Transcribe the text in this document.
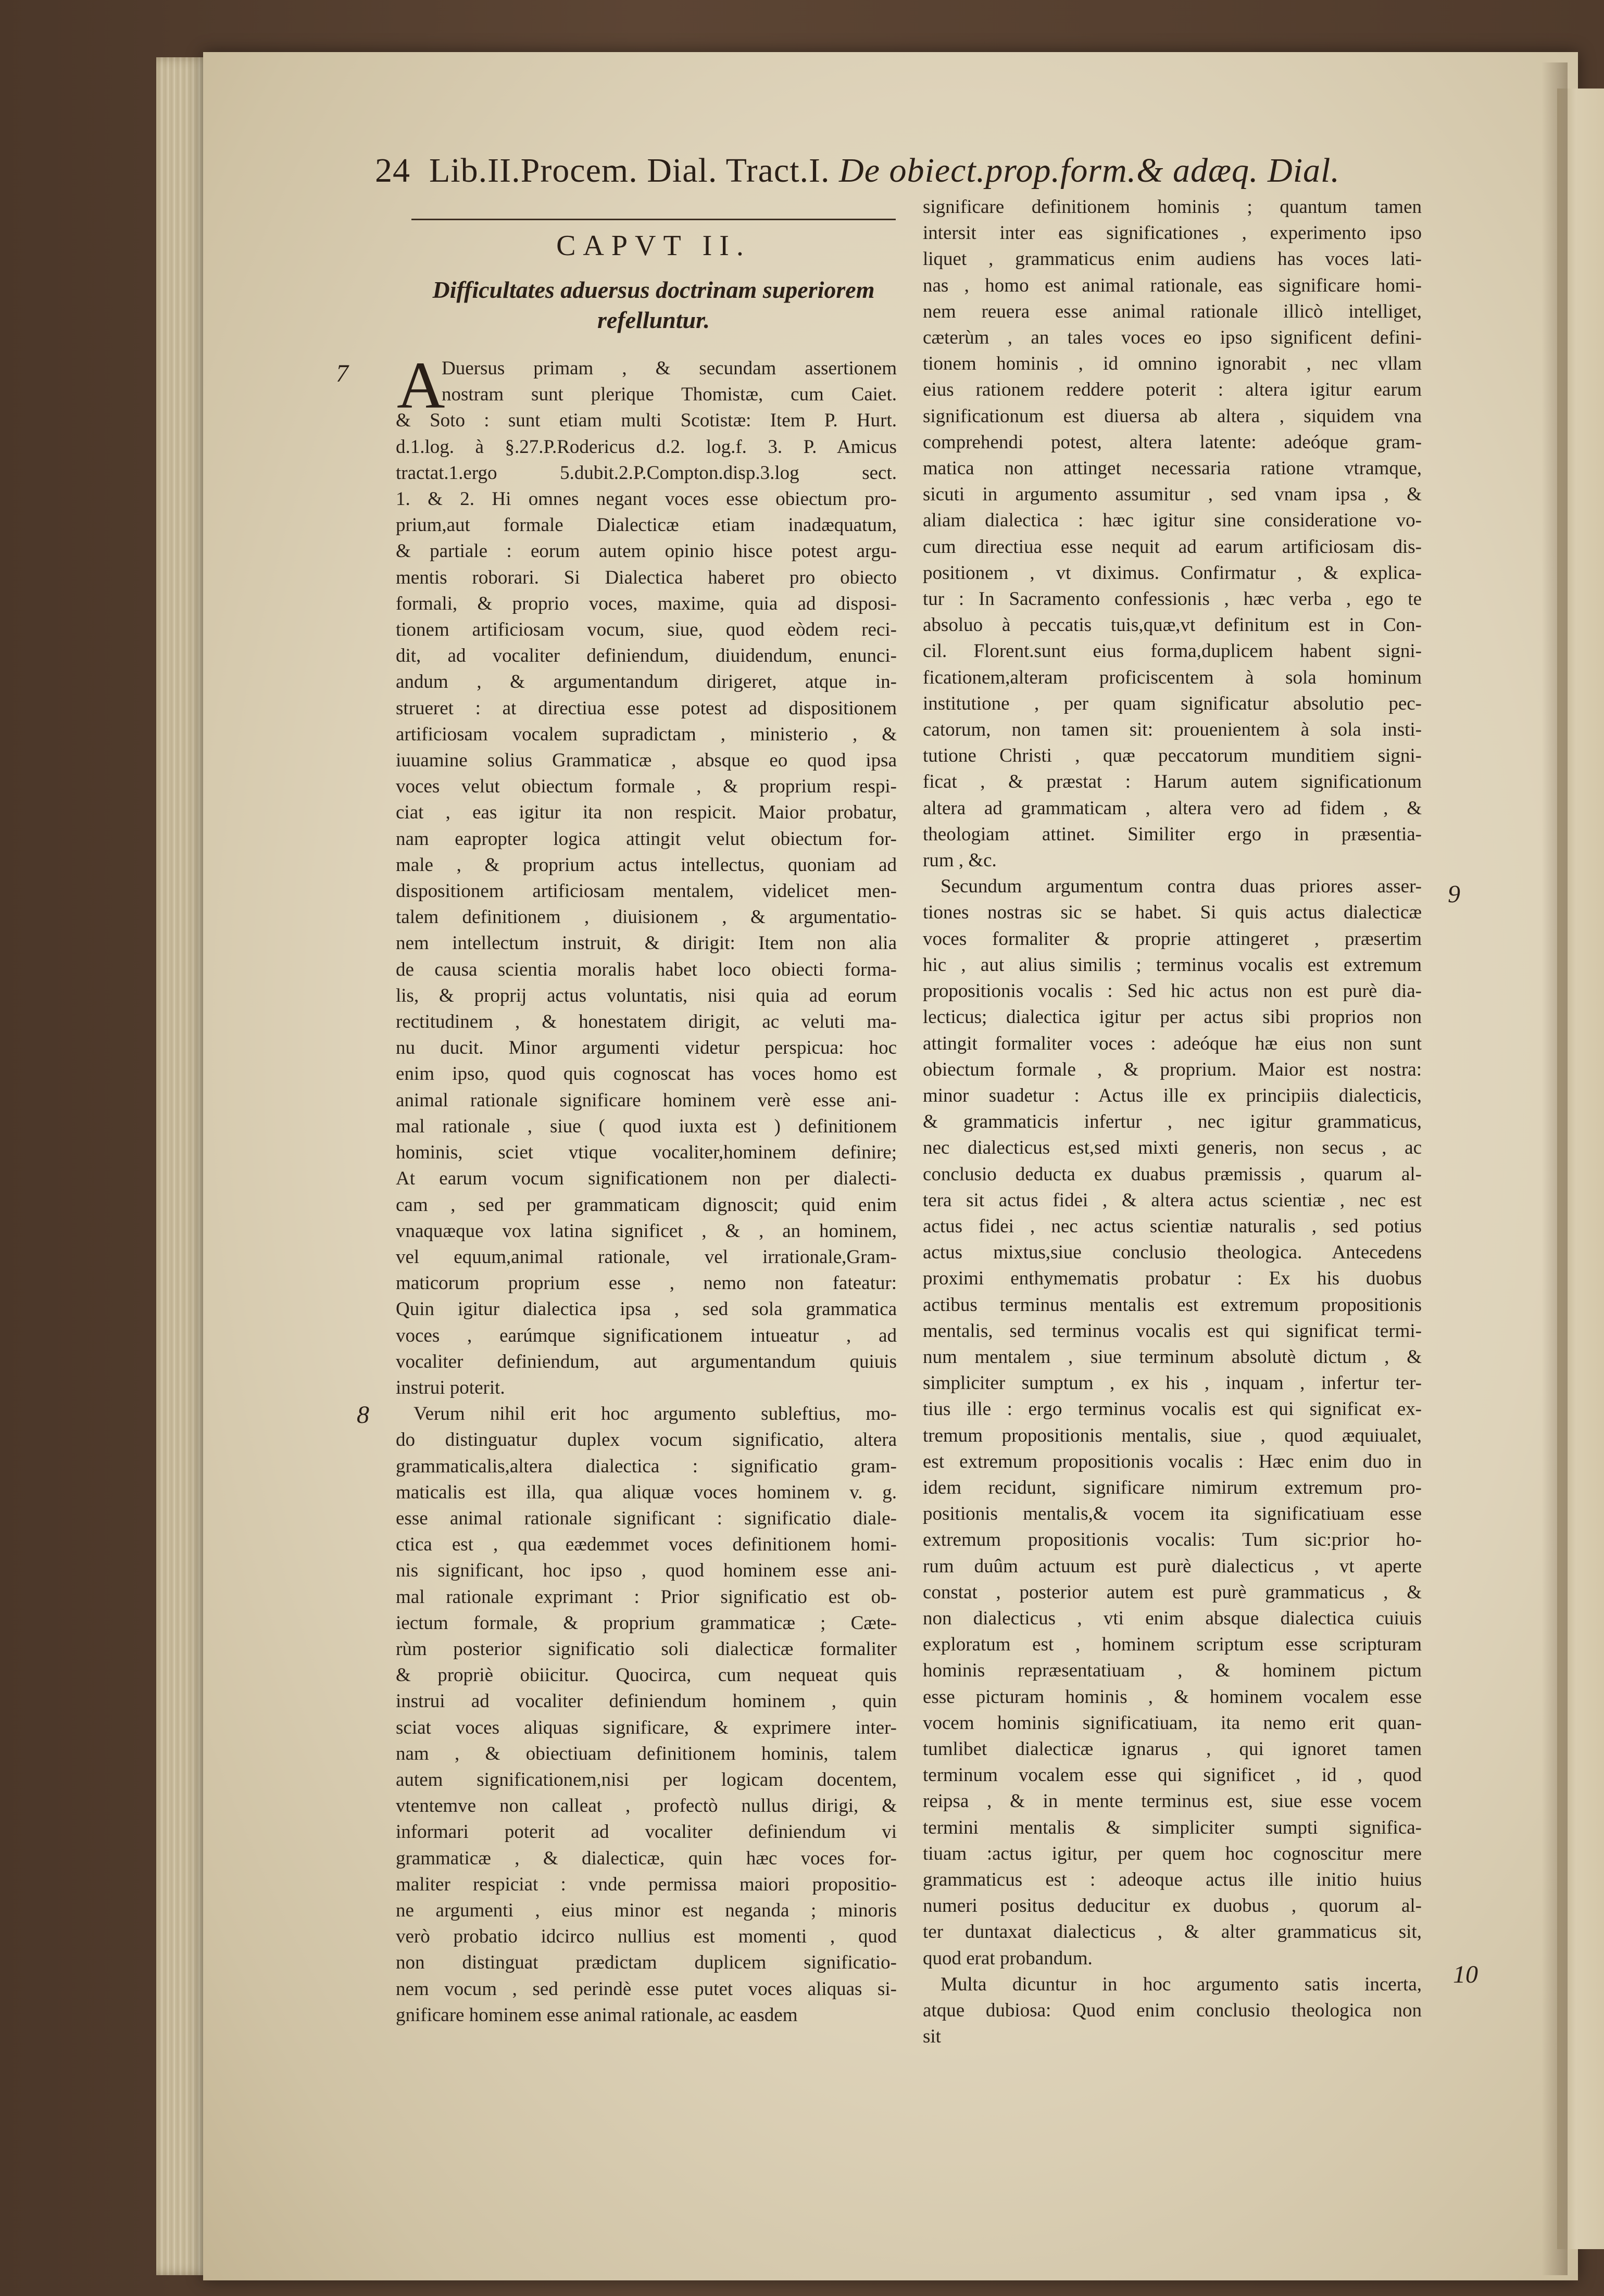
24 Lib.II.Procem. Dial. Tract.I. De obiect.prop.form.& adæq. Dial.
CAPVT II.
Difficultates aduersus doctrinam superiorem
refelluntur.
7
8
9
10
A
Duersus primam , & secundam assertionem
nostram sunt plerique Thomistæ, cum Caiet.
& Soto : sunt etiam multi Scotistæ: Item P. Hurt.
d.1.log. à §.27.P.Rodericus d.2. log.f. 3. P. Amicus
tractat.1.ergo 5.dubit.2.P.Compton.disp.3.log sect.
1. & 2. Hi omnes negant voces esse obiectum pro-
prium,aut formale Dialecticæ etiam inadæquatum,
& partiale : eorum autem opinio hisce potest argu-
mentis roborari. Si Dialectica haberet pro obiecto
formali, & proprio voces, maxime, quia ad disposi-
tionem artificiosam vocum, siue, quod eòdem reci-
dit, ad vocaliter definiendum, diuidendum, enunci-
andum , & argumentandum dirigeret, atque in-
strueret : at directiua esse potest ad dispositionem
artificiosam vocalem supradictam , ministerio , &
iuuamine solius Grammaticæ , absque eo quod ipsa
voces velut obiectum formale , & proprium respi-
ciat , eas igitur ita non respicit. Maior probatur,
nam eapropter logica attingit velut obiectum for-
male , & proprium actus intellectus, quoniam ad
dispositionem artificiosam mentalem, videlicet men-
talem definitionem , diuisionem , & argumentatio-
nem intellectum instruit, & dirigit: Item non alia
de causa scientia moralis habet loco obiecti forma-
lis, & proprij actus voluntatis, nisi quia ad eorum
rectitudinem , & honestatem dirigit, ac veluti ma-
nu ducit. Minor argumenti videtur perspicua: hoc
enim ipso, quod quis cognoscat has voces homo est
animal rationale significare hominem verè esse ani-
mal rationale , siue ( quod iuxta est ) definitionem
hominis, sciet vtique vocaliter,hominem definire;
At earum vocum significationem non per dialecti-
cam , sed per grammaticam dignoscit; quid enim
vnaquæque vox latina significet , & , an hominem,
vel equum,animal rationale, vel irrationale,Gram-
maticorum proprium esse , nemo non fateatur:
Quin igitur dialectica ipsa , sed sola grammatica
voces , earúmque significationem intueatur , ad
vocaliter definiendum, aut argumentandum quiuis
instrui poterit.
Verum nihil erit hoc argumento subleftius, mo-
do distinguatur duplex vocum significatio, altera
grammaticalis,altera dialectica : significatio gram-
maticalis est illa, qua aliquæ voces hominem v. g.
esse animal rationale significant : significatio diale-
ctica est , qua eædemmet voces definitionem homi-
nis significant, hoc ipso , quod hominem esse ani-
mal rationale exprimant : Prior significatio est ob-
iectum formale, & proprium grammaticæ ; Cæte-
rùm posterior significatio soli dialecticæ formaliter
& propriè obiicitur. Quocirca, cum nequeat quis
instrui ad vocaliter definiendum hominem , quin
sciat voces aliquas significare, & exprimere inter-
nam , & obiectiuam definitionem hominis, talem
autem significationem,nisi per logicam docentem,
vtentemve non calleat , profectò nullus dirigi, &
informari poterit ad vocaliter definiendum vi
grammaticæ , & dialecticæ, quin hæc voces for-
maliter respiciat : vnde permissa maiori propositio-
ne argumenti , eius minor est neganda ; minoris
verò probatio idcirco nullius est momenti , quod
non distinguat prædictam duplicem significatio-
nem vocum , sed perindè esse putet voces aliquas si-
gnificare hominem esse animal rationale, ac easdem
significare definitionem hominis ; quantum tamen
intersit inter eas significationes , experimento ipso
liquet , grammaticus enim audiens has voces lati-
nas , homo est animal rationale, eas significare homi-
nem reuera esse animal rationale illicò intelliget,
cæterùm , an tales voces eo ipso significent defini-
tionem hominis , id omnino ignorabit , nec vllam
eius rationem reddere poterit : altera igitur earum
significationum est diuersa ab altera , siquidem vna
comprehendi potest, altera latente: adeóque gram-
matica non attinget necessaria ratione vtramque,
sicuti in argumento assumitur , sed vnam ipsa , &
aliam dialectica : hæc igitur sine consideratione vo-
cum directiua esse nequit ad earum artificiosam dis-
positionem , vt diximus. Confirmatur , & explica-
tur : In Sacramento confessionis , hæc verba , ego te
absoluo à peccatis tuis,quæ,vt definitum est in Con-
cil. Florent.sunt eius forma,duplicem habent signi-
ficationem,alteram proficiscentem à sola hominum
institutione , per quam significatur absolutio pec-
catorum, non tamen sit: prouenientem à sola insti-
tutione Christi , quæ peccatorum munditiem signi-
ficat , & præstat : Harum autem significationum
altera ad grammaticam , altera vero ad fidem , &
theologiam attinet. Similiter ergo in præsentia-
rum , &c.
Secundum argumentum contra duas priores asser-
tiones nostras sic se habet. Si quis actus dialecticæ
voces formaliter & proprie attingeret , præsertim
hic , aut alius similis ; terminus vocalis est extremum
propositionis vocalis : Sed hic actus non est purè dia-
lecticus; dialectica igitur per actus sibi proprios non
attingit formaliter voces : adeóque hæ eius non sunt
obiectum formale , & proprium. Maior est nostra:
minor suadetur : Actus ille ex principiis dialecticis,
& grammaticis infertur , nec igitur grammaticus,
nec dialecticus est,sed mixti generis, non secus , ac
conclusio deducta ex duabus præmissis , quarum al-
tera sit actus fidei , & altera actus scientiæ , nec est
actus fidei , nec actus scientiæ naturalis , sed potius
actus mixtus,siue conclusio theologica. Antecedens
proximi enthymematis probatur : Ex his duobus
actibus terminus mentalis est extremum propositionis
mentalis, sed terminus vocalis est qui significat termi-
num mentalem , siue terminum absolutè dictum , &
simpliciter sumptum , ex his , inquam , infertur ter-
tius ille : ergo terminus vocalis est qui significat ex-
tremum propositionis mentalis, siue , quod æquiualet,
est extremum propositionis vocalis : Hæc enim duo in
idem recidunt, significare nimirum extremum pro-
positionis mentalis,& vocem ita significatiuam esse
extremum propositionis vocalis: Tum sic:prior ho-
rum duûm actuum est purè dialecticus , vt aperte
constat , posterior autem est purè grammaticus , &
non dialecticus , vti enim absque dialectica cuiuis
exploratum est , hominem scriptum esse scripturam
hominis repræsentatiuam , & hominem pictum
esse picturam hominis , & hominem vocalem esse
vocem hominis significatiuam, ita nemo erit quan-
tumlibet dialecticæ ignarus , qui ignoret tamen
terminum vocalem esse qui significet , id , quod
reipsa , & in mente terminus est, siue esse vocem
termini mentalis & simpliciter sumpti significa-
tiuam :actus igitur, per quem hoc cognoscitur mere
grammaticus est : adeoque actus ille initio huius
numeri positus deducitur ex duobus , quorum al-
ter duntaxat dialecticus , & alter grammaticus sit,
quod erat probandum.
Multa dicuntur in hoc argumento satis incerta,
atque dubiosa: Quod enim conclusio theologica non
sit
